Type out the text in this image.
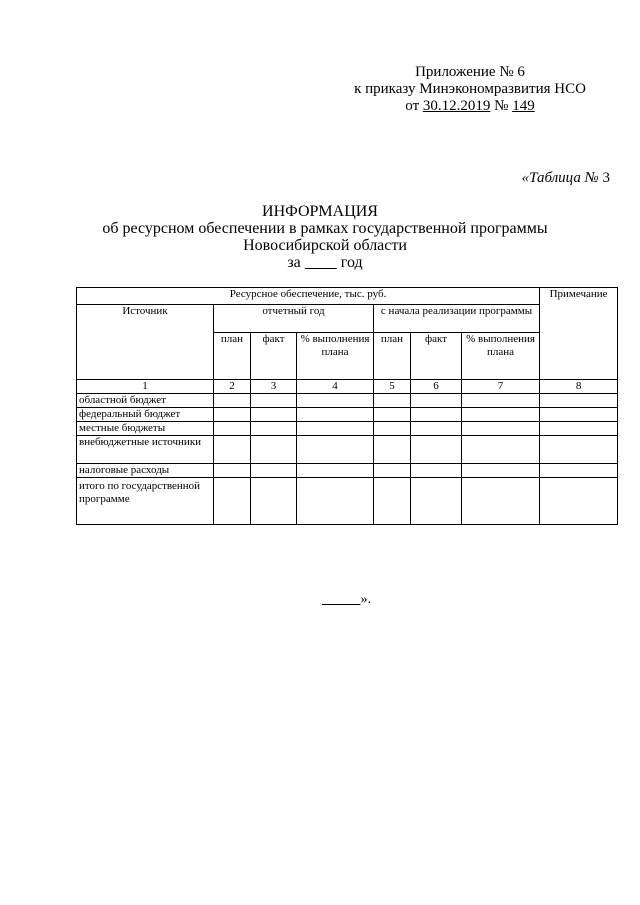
Приложение № 6
к приказу Минэкономразвития НСО
от 30.12.2019 № 149
«Таблица № 3
ИНФОРМАЦИЯ
об ресурсном обеспечении в рамках государственной программы
Новосибирской области
за          год
Ресурсное обеспечение, тыс. руб.							Примечание
Источник	отчетный год			с начала реализации программы			
	план	факт	% выполнения плана	план	факт	% выполнения плана	
1	2	3	4	5	6	7	8
областной бюджет							
федеральный бюджет							
местные бюджеты							
внебюджетные источники							
налоговые расходы							
итого по государственной программе							
».
